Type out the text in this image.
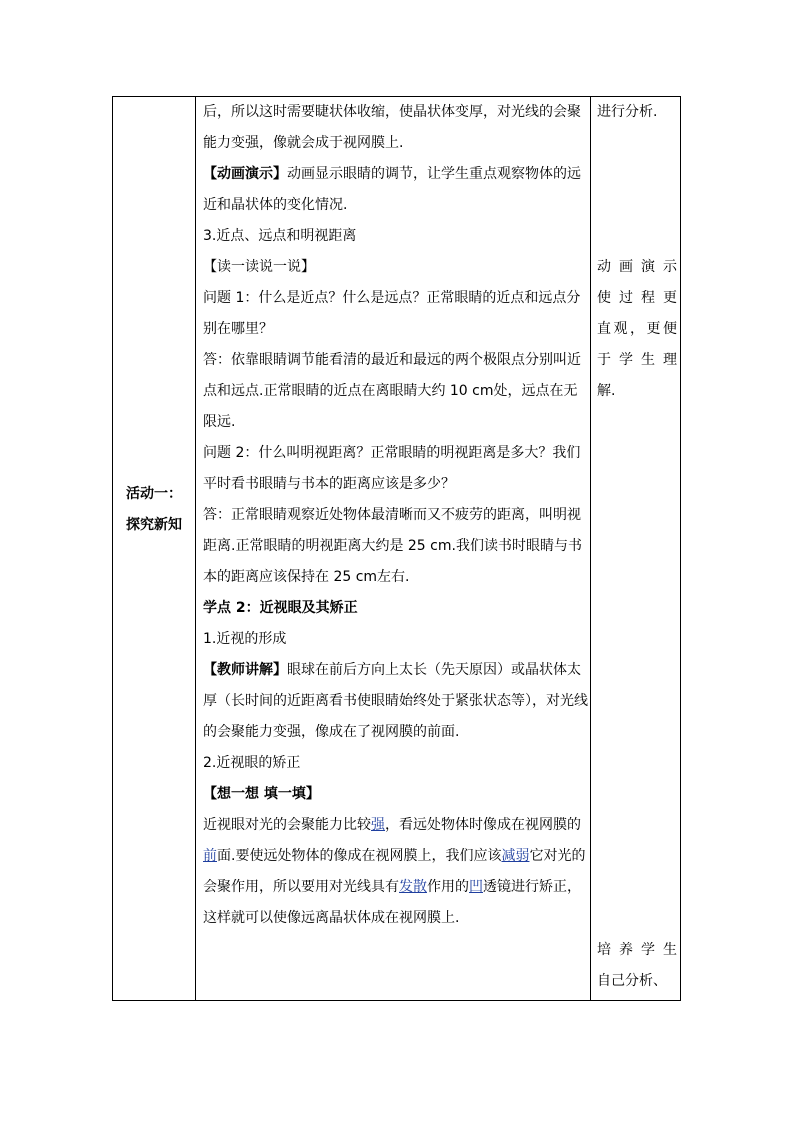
活动一：
探究新知

后，所以这时需要睫状体收缩，使晶状体变厚，对光线的会聚能力变强，像就会成于视网膜上.

【动画演示】动画显示眼睛的调节，让学生重点观察物体的远近和晶状体的变化情况.

3.近点、远点和明视距离

【读一读说一说】

问题 1：什么是近点？什么是远点？正常眼睛的近点和远点分别在哪里？

答：依靠眼睛调节能看清的最近和最远的两个极限点分别叫近点和远点.正常眼睛的近点在离眼睛大约 10 cm处，远点在无限远.

问题 2：什么叫明视距离？正常眼睛的明视距离是多大？我们平时看书眼睛与书本的距离应该是多少？

答：正常眼睛观察近处物体最清晰而又不疲劳的距离，叫明视距离.正常眼睛的明视距离大约是 25 cm.我们读书时眼睛与书本的距离应该保持在 25 cm左右.

学点 2：近视眼及其矫正

1.近视的形成

【教师讲解】眼球在前后方向上太长（先天原因）或晶状体太厚（长时间的近距离看书使眼睛始终处于紧张状态等），对光线的会聚能力变强，像成在了视网膜的前面.

2.近视眼的矫正

【想一想 填一填】

近视眼对光的会聚能力比较强，看远处物体时像成在视网膜的前面.要使远处物体的像成在视网膜上，我们应该减弱它对光的会聚作用，所以要用对光线具有发散作用的凹透镜进行矫正，这样就可以使像远离晶状体成在视网膜上.

进行分析.
动画演示
使过程更
直观，更便
于学生理
解.
培养学生
自己分析、
